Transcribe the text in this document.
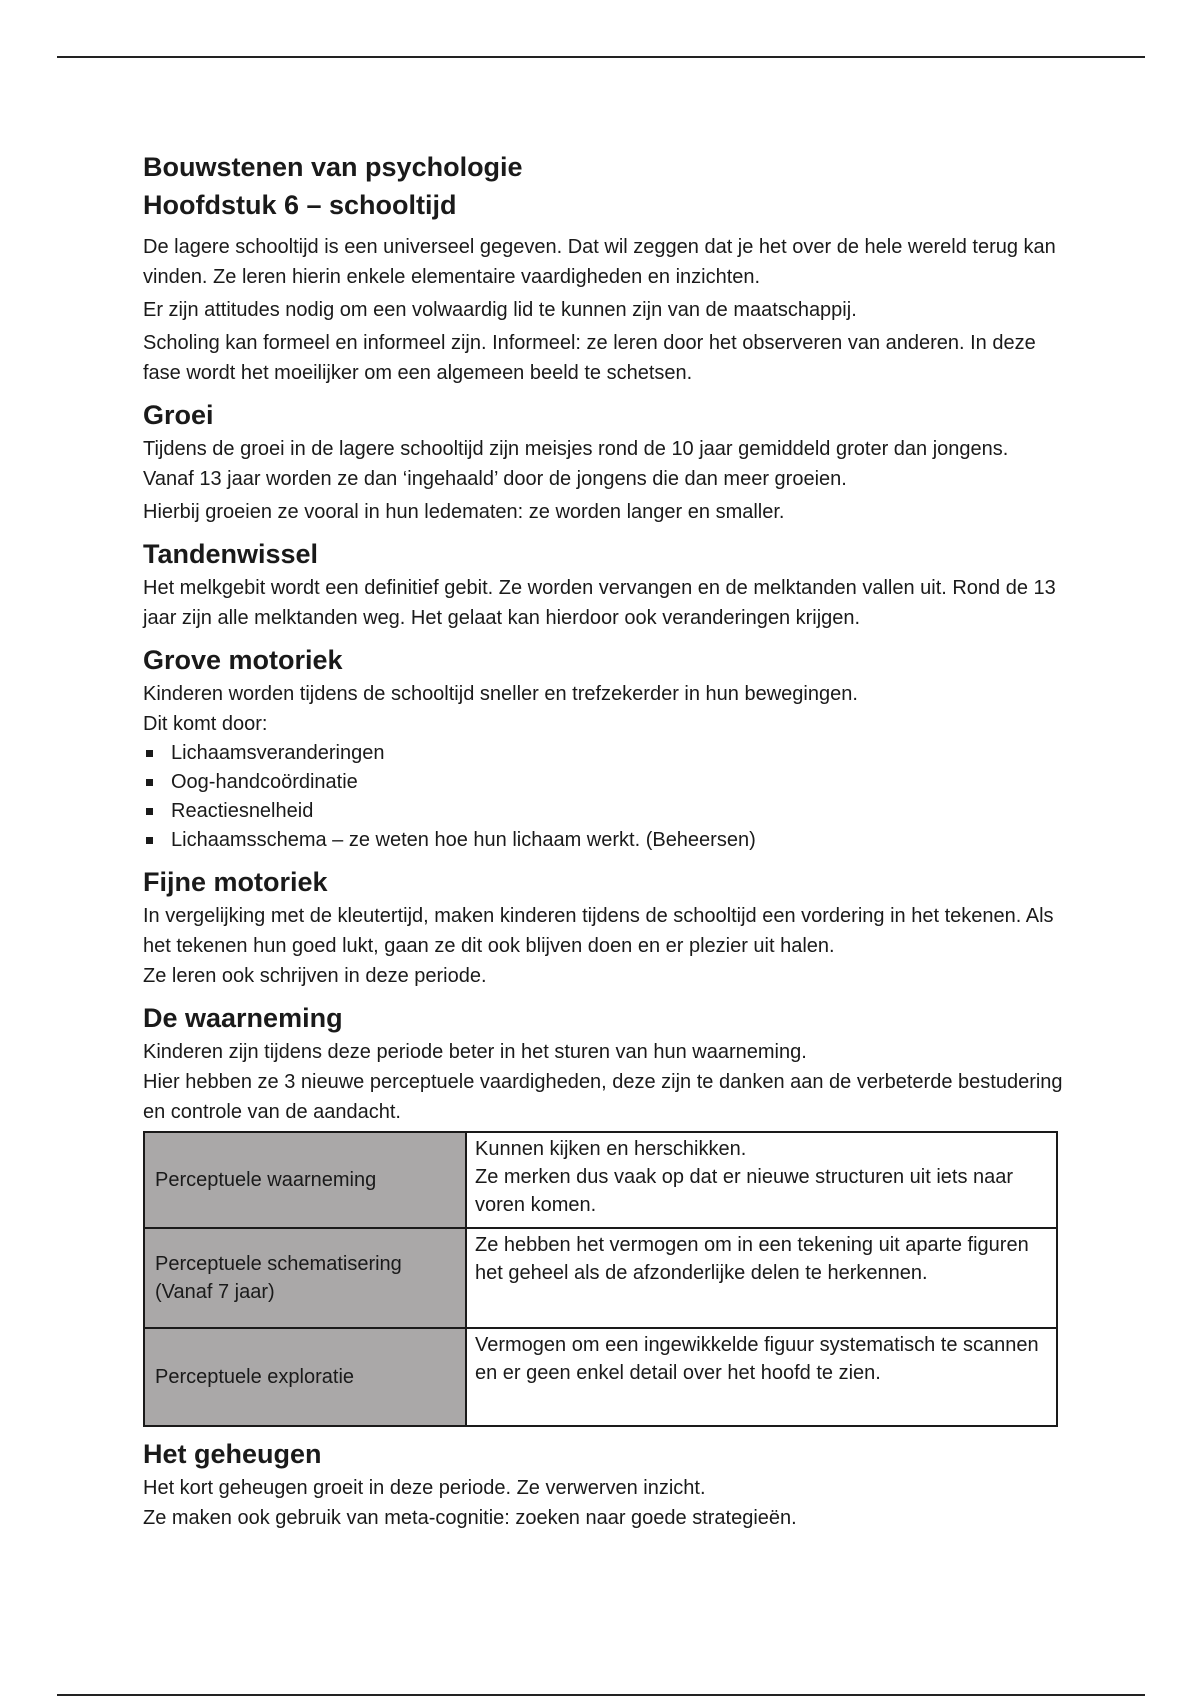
Bouwstenen van psychologie
Hoofdstuk 6 – schooltijd

De lagere schooltijd is een universeel gegeven. Dat wil zeggen dat je het over de hele wereld terug kan vinden. Ze leren hierin enkele elementaire vaardigheden en inzichten.

Er zijn attitudes nodig om een volwaardig lid te kunnen zijn van de maatschappij.

Scholing kan formeel en informeel zijn. Informeel: ze leren door het observeren van anderen. In deze fase wordt het moeilijker om een algemeen beeld te schetsen.

Groei

Tijdens de groei in de lagere schooltijd zijn meisjes rond de 10 jaar gemiddeld groter dan jongens. Vanaf 13 jaar worden ze dan ‘ingehaald’ door de jongens die dan meer groeien.

Hierbij groeien ze vooral in hun ledematen: ze worden langer en smaller.

Tandenwissel

Het melkgebit wordt een definitief gebit. Ze worden vervangen en de melktanden vallen uit. Rond de 13 jaar zijn alle melktanden weg. Het gelaat kan hierdoor ook veranderingen krijgen.

Grove motoriek

Kinderen worden tijdens de schooltijd sneller en trefzekerder in hun bewegingen.

Dit komt door:

Lichaamsveranderingen
Oog-handcoördinatie
Reactiesnelheid
Lichaamsschema – ze weten hoe hun lichaam werkt. (Beheersen)
Fijne motoriek

In vergelijking met de kleutertijd, maken kinderen tijdens de schooltijd een vordering in het tekenen. Als het tekenen hun goed lukt, gaan ze dit ook blijven doen en er plezier uit halen.

Ze leren ook schrijven in deze periode.

De waarneming

Kinderen zijn tijdens deze periode beter in het sturen van hun waarneming.

Hier hebben ze 3 nieuwe perceptuele vaardigheden, deze zijn te danken aan de verbeterde bestudering en controle van de aandacht.

Perceptuele waarneming	Kunnen kijken en herschikken.
Ze merken dus vaak op dat er nieuwe structuren uit iets naar voren komen.

Perceptuele schematisering
(Vanaf 7 jaar)	Ze hebben het vermogen om in een tekening uit aparte figuren het geheel als de afzonderlijke delen te herkennen.

Perceptuele exploratie	Vermogen om een ingewikkelde figuur systematisch te scannen en er geen enkel detail over het hoofd te zien.
Het geheugen

Het kort geheugen groeit in deze periode. Ze verwerven inzicht.

Ze maken ook gebruik van meta-cognitie: zoeken naar goede strategieën.
